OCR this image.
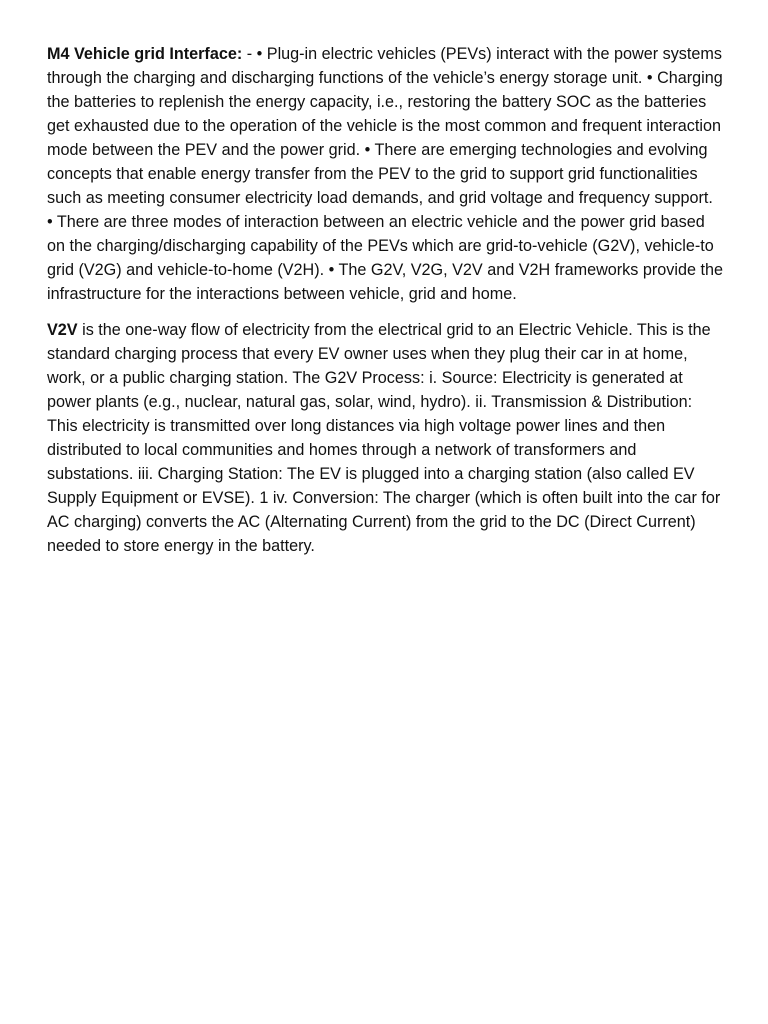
M4 Vehicle grid Interface: - • Plug-in electric vehicles (PEVs) interact with the power systems through the charging and discharging functions of the vehicle’s energy storage unit. • Charging the batteries to replenish the energy capacity, i.e., restoring the battery SOC as the batteries get exhausted due to the operation of the vehicle is the most common and frequent interaction mode between the PEV and the power grid. • There are emerging technologies and evolving concepts that enable energy transfer from the PEV to the grid to support grid functionalities such as meeting consumer electricity load demands, and grid voltage and frequency support. • There are three modes of interaction between an electric vehicle and the power grid based on the charging/discharging capability of the PEVs which are grid-to-vehicle (G2V), vehicle-to grid (V2G) and vehicle-to-home (V2H). • The G2V, V2G, V2V and V2H frameworks provide the infrastructure for the interactions between vehicle, grid and home.

V2V is the one-way flow of electricity from the electrical grid to an Electric Vehicle. This is the standard charging process that every EV owner uses when they plug their car in at home, work, or a public charging station. The G2V Process: i. Source: Electricity is generated at power plants (e.g., nuclear, natural gas, solar, wind, hydro). ii. Transmission & Distribution: This electricity is transmitted over long distances via high voltage power lines and then distributed to local communities and homes through a network of transformers and substations. iii. Charging Station: The EV is plugged into a charging station (also called EV Supply Equipment or EVSE). 1 iv. Conversion: The charger (which is often built into the car for AC charging) converts the AC (Alternating Current) from the grid to the DC (Direct Current) needed to store energy in the battery.
